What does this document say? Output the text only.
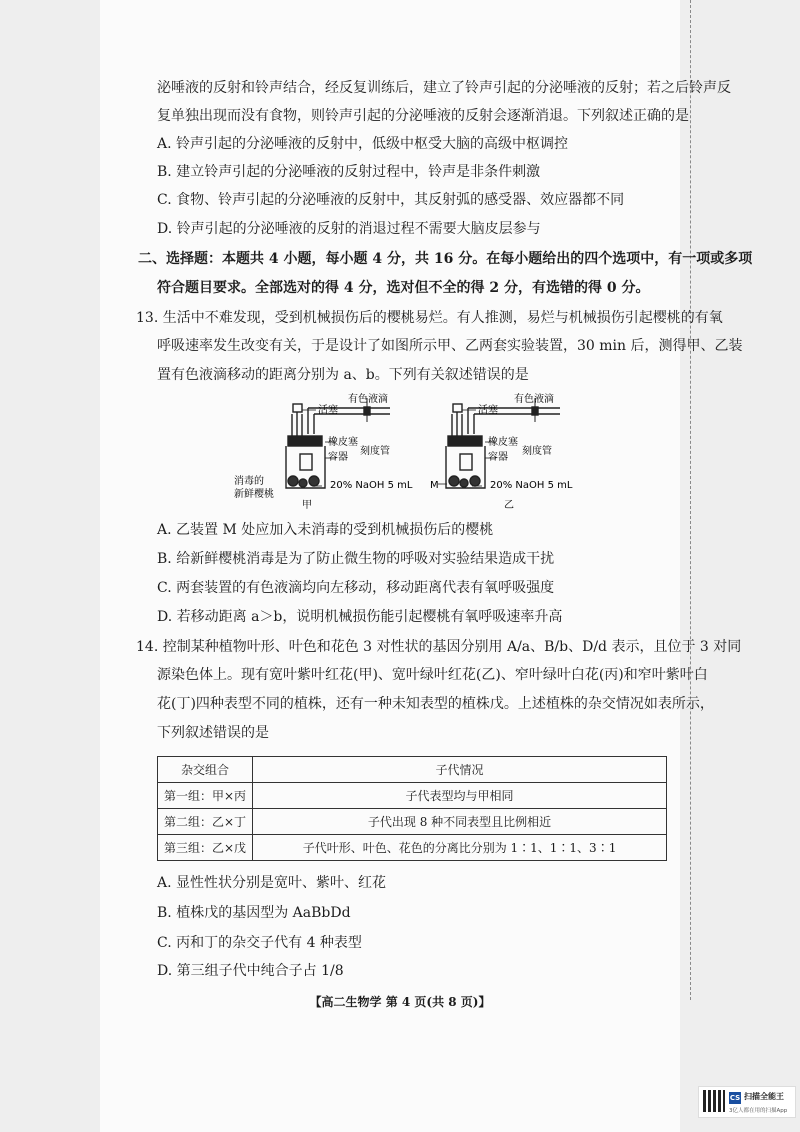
泌唾液的反射和铃声结合，经反复训练后，建立了铃声引起的分泌唾液的反射；若之后铃声反
复单独出现而没有食物，则铃声引起的分泌唾液的反射会逐渐消退。下列叙述正确的是
A. 铃声引起的分泌唾液的反射中，低级中枢受大脑的高级中枢调控
B. 建立铃声引起的分泌唾液的反射过程中，铃声是非条件刺激
C. 食物、铃声引起的分泌唾液的反射中，其反射弧的感受器、效应器都不同
D. 铃声引起的分泌唾液的反射的消退过程不需要大脑皮层参与
二、选择题：本题共 4 小题，每小题 4 分，共 16 分。在每小题给出的四个选项中，有一项或多项
符合题目要求。全部选对的得 4 分，选对但不全的得 2 分，有选错的得 0 分。
13. 生活中不难发现，受到机械损伤后的樱桃易烂。有人推测，易烂与机械损伤引起樱桃的有氧
呼吸速率发生改变有关，于是设计了如图所示甲、乙两套实验装置，30 min 后，测得甲、乙装
置有色液滴移动的距离分别为 a、b。下列有关叙述错误的是
活塞
有色液滴
橡皮塞
容器
刻度管
20% NaOH 5 mL
消毒的
新鲜樱桃
甲
活塞
有色液滴
橡皮塞
容器
刻度管
20% NaOH 5 mL
M
乙
A. 乙装置 M 处应加入未消毒的受到机械损伤后的樱桃
B. 给新鲜樱桃消毒是为了防止微生物的呼吸对实验结果造成干扰
C. 两套装置的有色液滴均向左移动，移动距离代表有氧呼吸强度
D. 若移动距离 a＞b，说明机械损伤能引起樱桃有氧呼吸速率升高
14. 控制某种植物叶形、叶色和花色 3 对性状的基因分别用 A/a、B/b、D/d 表示，且位于 3 对同
源染色体上。现有宽叶紫叶红花(甲)、宽叶绿叶红花(乙)、窄叶绿叶白花(丙)和窄叶紫叶白
花(丁)四种表型不同的植株，还有一种未知表型的植株戊。上述植株的杂交情况如表所示，
下列叙述错误的是
杂交组合	子代情况
第一组：甲×丙	子代表型均与甲相同
第二组：乙×丁	子代出现 8 种不同表型且比例相近
第三组：乙×戊	子代叶形、叶色、花色的分离比分别为 1∶1、1∶1、3∶1
A. 显性性状分别是宽叶、紫叶、红花
B. 植株戊的基因型为 AaBbDd
C. 丙和丁的杂交子代有 4 种表型
D. 第三组子代中纯合子占 1/8
【高二生物学 第 4 页(共 8 页)】
CS 扫描全能王
3亿人都在用的扫描App
